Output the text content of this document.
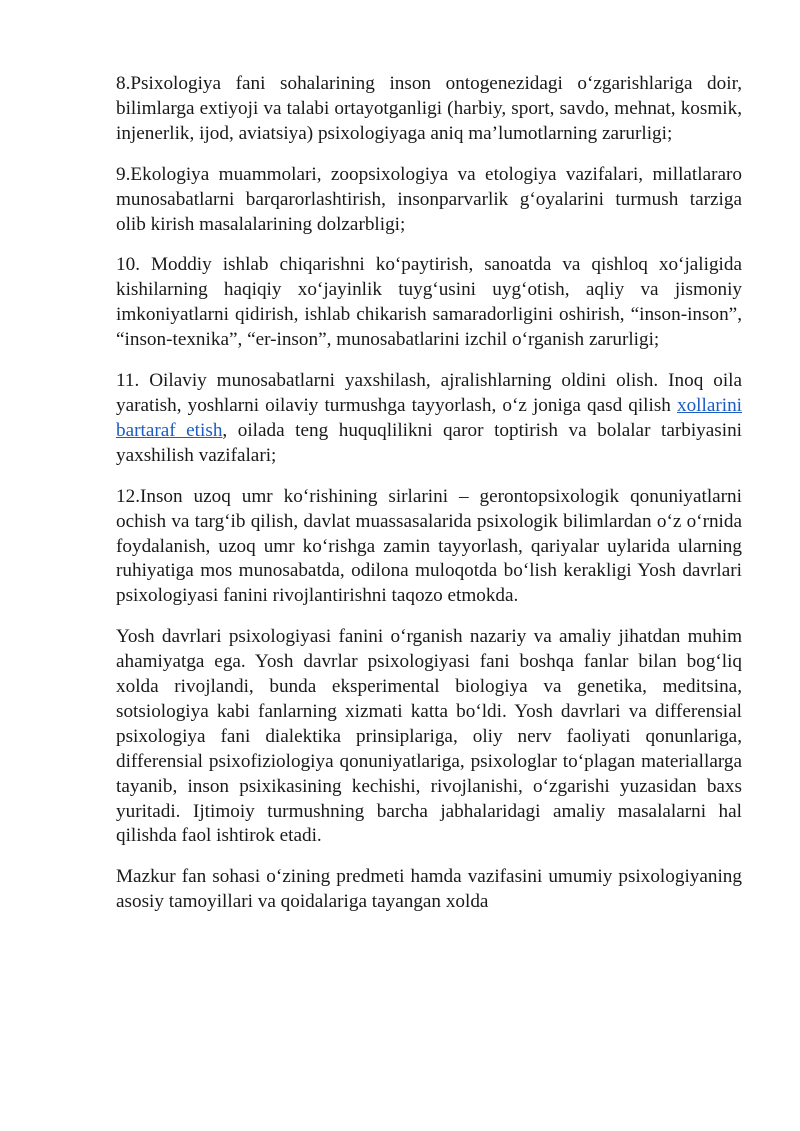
8.Psixologiya fani sohalarining inson ontogenezidagi o‘zgarishlariga doir, bilimlarga extiyoji va talabi ortayotganligi (harbiy, sport, savdo, mehnat, kosmik, injenerlik, ijod, aviatsiya) psixologiyaga aniq ma’lumotlarning zarurligi;

9.Ekologiya muammolari, zoopsixologiya va etologiya vazifalari, millatlararo munosabatlarni barqarorlashtirish, insonparvarlik g‘oyalarini turmush tarziga olib kirish masalalarining dolzarbligi;

10. Moddiy ishlab chiqarishni ko‘paytirish, sanoatda va qishloq xo‘jaligida kishilarning haqiqiy xo‘jayinlik tuyg‘usini uyg‘otish, aqliy va jismoniy imkoniyatlarni qidirish, ishlab chikarish samaradorligini oshirish, “inson-inson”, “inson-texnika”, “er-inson”, munosabatlarini izchil o‘rganish zarurligi;

11. Oilaviy munosabatlarni yaxshilash, ajralishlarning oldini olish. Inoq oila yaratish, yoshlarni oilaviy turmushga tayyorlash, o‘z joniga qasd qilish xollarini bartaraf etish, oilada teng huquqlilikni qaror toptirish va bolalar tarbiyasini yaxshilish vazifalari;

12.Inson uzoq umr ko‘rishining sirlarini – gerontopsixologik qonuniyatlarni ochish va targ‘ib qilish, davlat muassasalarida psixologik bilimlardan o‘z o‘rnida foydalanish, uzoq umr ko‘rishga zamin tayyorlash, qariyalar uylarida ularning ruhiyatiga mos munosabatda, odilona muloqotda bo‘lish kerakligi Yosh davrlari psixologiyasi fanini rivojlantirishni taqozo etmokda.

Yosh davrlari psixologiyasi fanini o‘rganish nazariy va amaliy jihatdan muhim ahamiyatga ega. Yosh davrlar psixologiyasi fani boshqa fanlar bilan bog‘liq xolda rivojlandi, bunda eksperimental biologiya va genetika, meditsina, sotsiologiya kabi fanlarning xizmati katta bo‘ldi. Yosh davrlari va differensial psixologiya fani dialektika prinsiplariga, oliy nerv faoliyati qonunlariga, differensial psixofiziologiya qonuniyatlariga, psixologlar to‘plagan materiallarga tayanib, inson psixikasining kechishi, rivojlanishi, o‘zgarishi yuzasidan baxs yuritadi. Ijtimoiy turmushning barcha jabhalaridagi amaliy masalalarni hal qilishda faol ishtirok etadi.

Mazkur fan sohasi o‘zining predmeti hamda vazifasini umumiy psixologiyaning asosiy tamoyillari va qoidalariga tayangan xolda
